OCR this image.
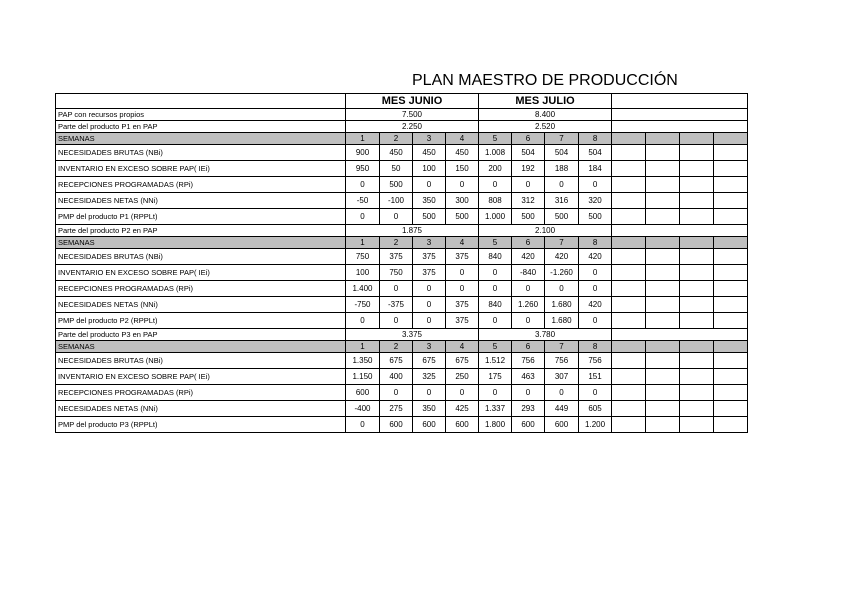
PLAN MAESTRO DE PRODUCCIÓN
	MES JUNIO				MES JULIO							
PAP con recursos propios	7.500				8.400							
Parte del producto P1 en PAP	2.250				2.520							
SEMANAS	1	2	3	4	5	6	7	8				
NECESIDADES BRUTAS (NBi)	900	450	450	450	1.008	504	504	504				
INVENTARIO EN EXCESO SOBRE PAP( IEi)	950	50	100	150	200	192	188	184				
RECEPCIONES PROGRAMADAS (RPi)	0	500	0	0	0	0	0	0				
NECESIDADES NETAS (NNi)	-50	-100	350	300	808	312	316	320				
PMP del producto P1 (RPPLt)	0	0	500	500	1.000	500	500	500				
Parte del producto P2 en PAP	1.875				2.100							
SEMANAS	1	2	3	4	5	6	7	8				
NECESIDADES BRUTAS (NBi)	750	375	375	375	840	420	420	420				
INVENTARIO EN EXCESO SOBRE PAP( IEi)	100	750	375	0	0	-840	-1.260	0				
RECEPCIONES PROGRAMADAS (RPi)	1.400	0	0	0	0	0	0	0				
NECESIDADES NETAS (NNi)	-750	-375	0	375	840	1.260	1.680	420				
PMP del producto P2 (RPPLt)	0	0	0	375	0	0	1.680	0				
Parte del producto P3 en PAP	3.375				3.780							
SEMANAS	1	2	3	4	5	6	7	8				
NECESIDADES BRUTAS (NBi)	1.350	675	675	675	1.512	756	756	756				
INVENTARIO EN EXCESO SOBRE PAP( IEi)	1.150	400	325	250	175	463	307	151				
RECEPCIONES PROGRAMADAS (RPi)	600	0	0	0	0	0	0	0				
NECESIDADES NETAS (NNi)	-400	275	350	425	1.337	293	449	605				
PMP del producto P3 (RPPLt)	0	600	600	600	1.800	600	600	1.200				
